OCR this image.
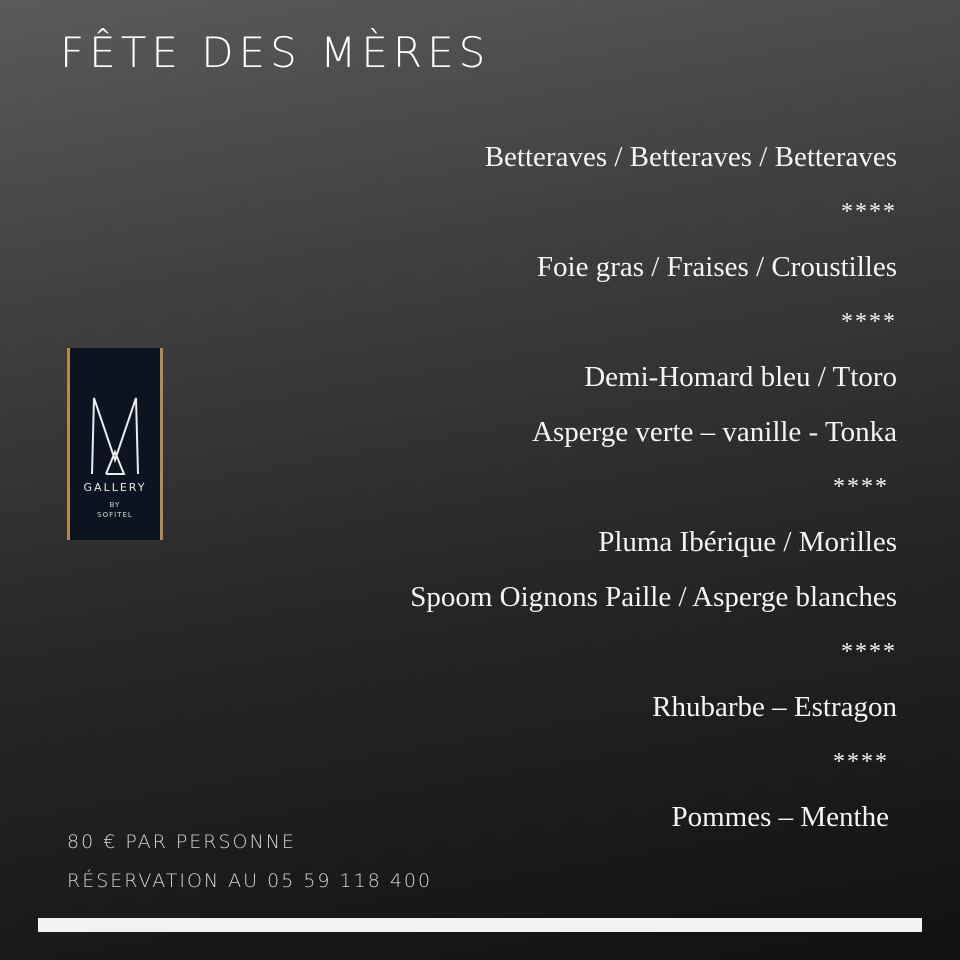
FÊTE DES MÈRES
Betteraves / Betteraves / Betteraves
****
Foie gras / Fraises / Croustilles
****
Demi-Homard bleu / Ttoro
Asperge verte – vanille - Tonka
****
Pluma Ibérique / Morilles
Spoom Oignons Paille / Asperge blanches
****
Rhubarbe – Estragon
****
Pommes – Menthe
GALLERY
BY
SOFITEL
80 € PAR PERSONNE
RÉSERVATION AU 05 59 118 400
